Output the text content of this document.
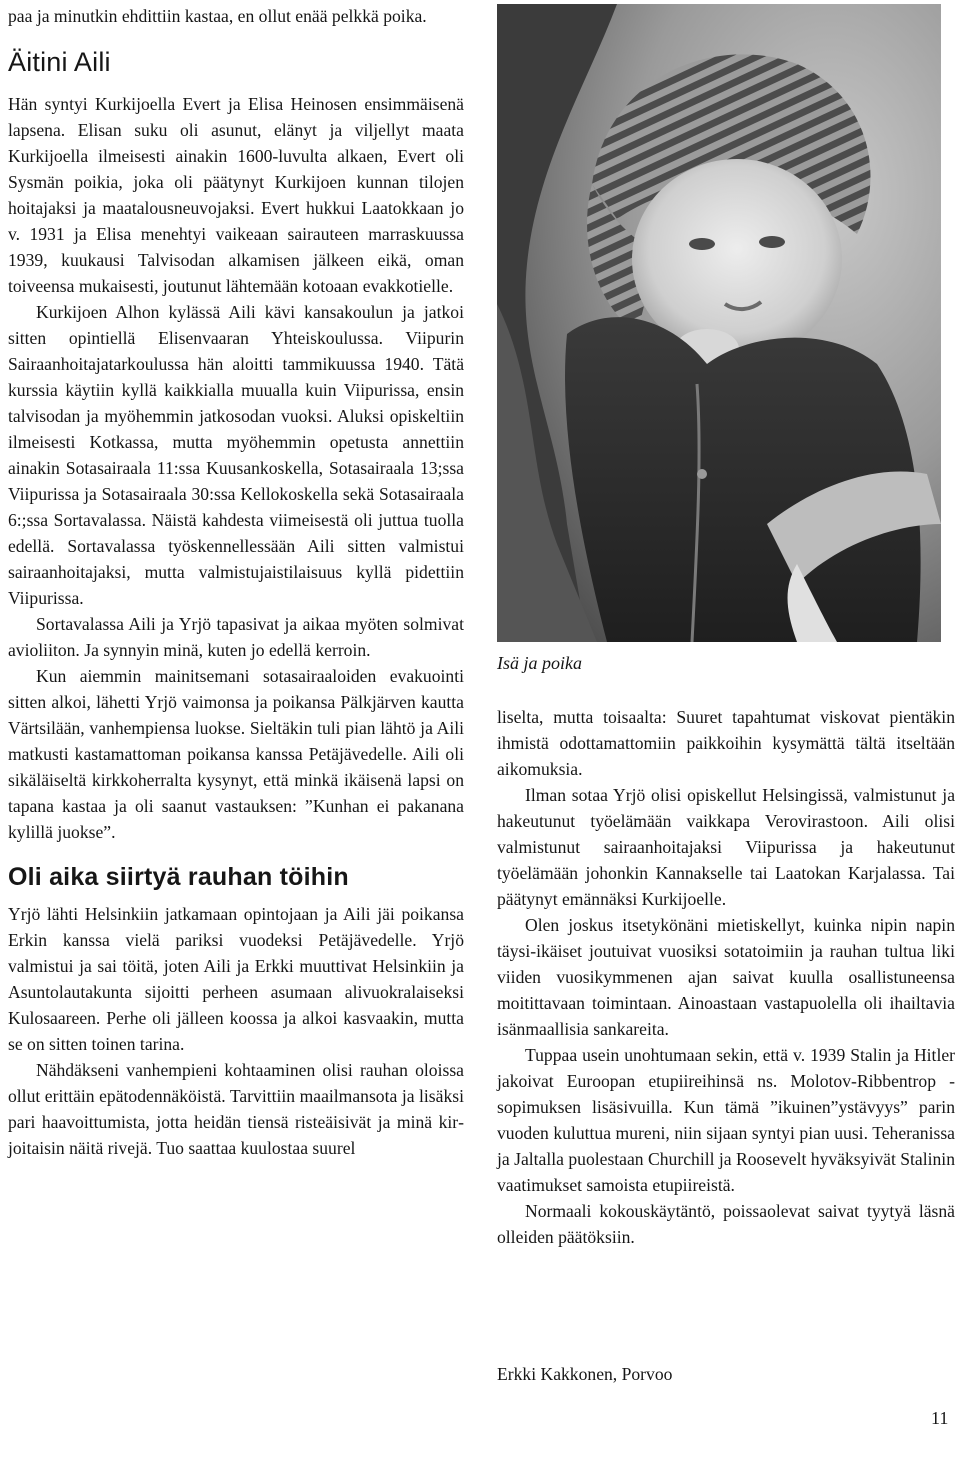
paa ja minutkin ehdittiin kastaa, en ollut enää pelkkä poika.

Äitini Aili

Hän syntyi Kurkijoella Evert ja Elisa Heinosen ensimmäisenä lapsena. Elisan suku oli asunut, elänyt ja viljellyt maata Kurkijoella ilmeisesti ainakin 1600-luvulta alkaen, Evert oli Sysmän poikia, joka oli päätynyt Kurkijoen kunnan tilojen hoitajaksi ja maatalousneuvojaksi. Evert hukkui Laatokkaan jo v. 1931 ja Elisa menehtyi vaikeaan sairauteen marraskuussa 1939, kuukausi Talvisodan alkamisen jälkeen eikä, oman toiveensa mukaisesti, joutunut lähtemään kotoaan evakkotielle.

Kurkijoen Alhon kylässä Aili kävi kansakoulun ja jatkoi sitten opintiellä Elisenvaaran Yhteiskoulussa. Viipurin Sairaanhoitajatarkoulussa hän aloitti tammikuussa 1940. Tätä kurssia käytiin kyllä kaikkialla muualla kuin Viipurissa, ensin talvisodan ja myöhemmin jatkosodan vuoksi. Aluksi opiskeltiin ilmeisesti Kotkassa, mutta myöhemmin opetusta annettiin ainakin Sotasairaala 11:ssa Kuusankoskella, Sotasairaala 13;ssa Viipurissa ja Sotasairaala 30:ssa Kellokoskella sekä Sotasairaala 6:;ssa Sortavalassa. Näistä kahdesta viimeisestä oli juttua tuolla edellä. Sortavalassa työskennellessään Aili sitten valmistui sairaanhoitajaksi, mutta valmistujaistilaisuus kyllä pidettiin Viipurissa.

Sortavalassa Aili ja Yrjö tapasivat ja aikaa myöten solmivat avioliiton. Ja synnyin minä, kuten jo edellä kerroin.

Kun aiemmin mainitsemani sotasairaaloiden evakuointi sitten alkoi, lähetti Yrjö vaimonsa ja poikansa Pälkjärven kautta Värtsilään, vanhempiensa luokse. Sieltäkin tuli pian lähtö ja Aili matkusti kastamattoman poikansa kanssa Petäjävedelle. Aili oli sikäläiseltä kirkkoherralta kysynyt, että minkä ikäisenä lapsi on tapana kastaa ja oli saanut vastauksen: ”Kunhan ei pakanana kylillä juokse”.

Oli aika siirtyä rauhan töihin

Yrjö lähti Helsinkiin jatkamaan opintojaan ja Aili jäi poikansa Erkin kanssa vielä pariksi vuodeksi Petäjävedelle. Yrjö valmistui ja sai töitä, joten Aili ja Erkki muuttivat Helsinkiin ja Asuntolautakunta sijoitti perheen asumaan alivuokralaiseksi Kulosaareen. Perhe oli jälleen koossa ja alkoi kasvaakin, mutta se on sitten toinen tarina.

Nähdäkseni vanhempieni kohtaaminen olisi rauhan oloissa ollut erittäin epätodennäköistä. Tarvittiin maailmansota ja lisäksi pari haavoittumista, jotta heidän tiensä risteäisivät ja minä kirjoitaisin näitä rivejä. Tuo saattaa kuulostaa suurel

Isä ja poika

liselta, mutta toisaalta: Suuret tapahtumat viskovat pientäkin ihmistä odottamattomiin paikkoihin kysymättä tältä itseltään aikomuksia.

Ilman sotaa Yrjö olisi opiskellut Helsingissä, valmistunut ja hakeutunut työelämään vaikkapa Verovirastoon. Aili olisi valmistunut sairaanhoitajaksi Viipurissa ja hakeutunut työelämään johonkin Kannakselle tai Laatokan Karjalassa. Tai päätynyt emännäksi Kurkijoelle.

Olen joskus itsetykönäni mietiskellyt, kuinka nipin napin täysi-ikäiset joutuivat vuosiksi sotatoimiin ja rauhan tultua liki viiden vuosikymmenen ajan saivat kuulla osallistuneensa moitittavaan toimintaan. Ainoastaan vastapuolella oli ihailtavia isänmaallisia sankareita.

Tuppaa usein unohtumaan sekin, että v. 1939 Stalin ja Hitler jakoivat Euroopan etupiireihinsä ns. Molotov-Ribbentrop -sopimuksen lisäsivuilla. Kun tämä ”ikuinen”ystävyys” parin vuoden kuluttua mureni, niin sijaan syntyi pian uusi. Teheranissa ja Jaltalla puolestaan Churchill ja Roosevelt hyväksyivät Stalinin vaatimukset samoista etupiireistä.

Normaali kokouskäytäntö, poissaolevat saivat tyytyä läsnä olleiden päätöksiin.

Erkki Kakkonen, Porvoo

11
